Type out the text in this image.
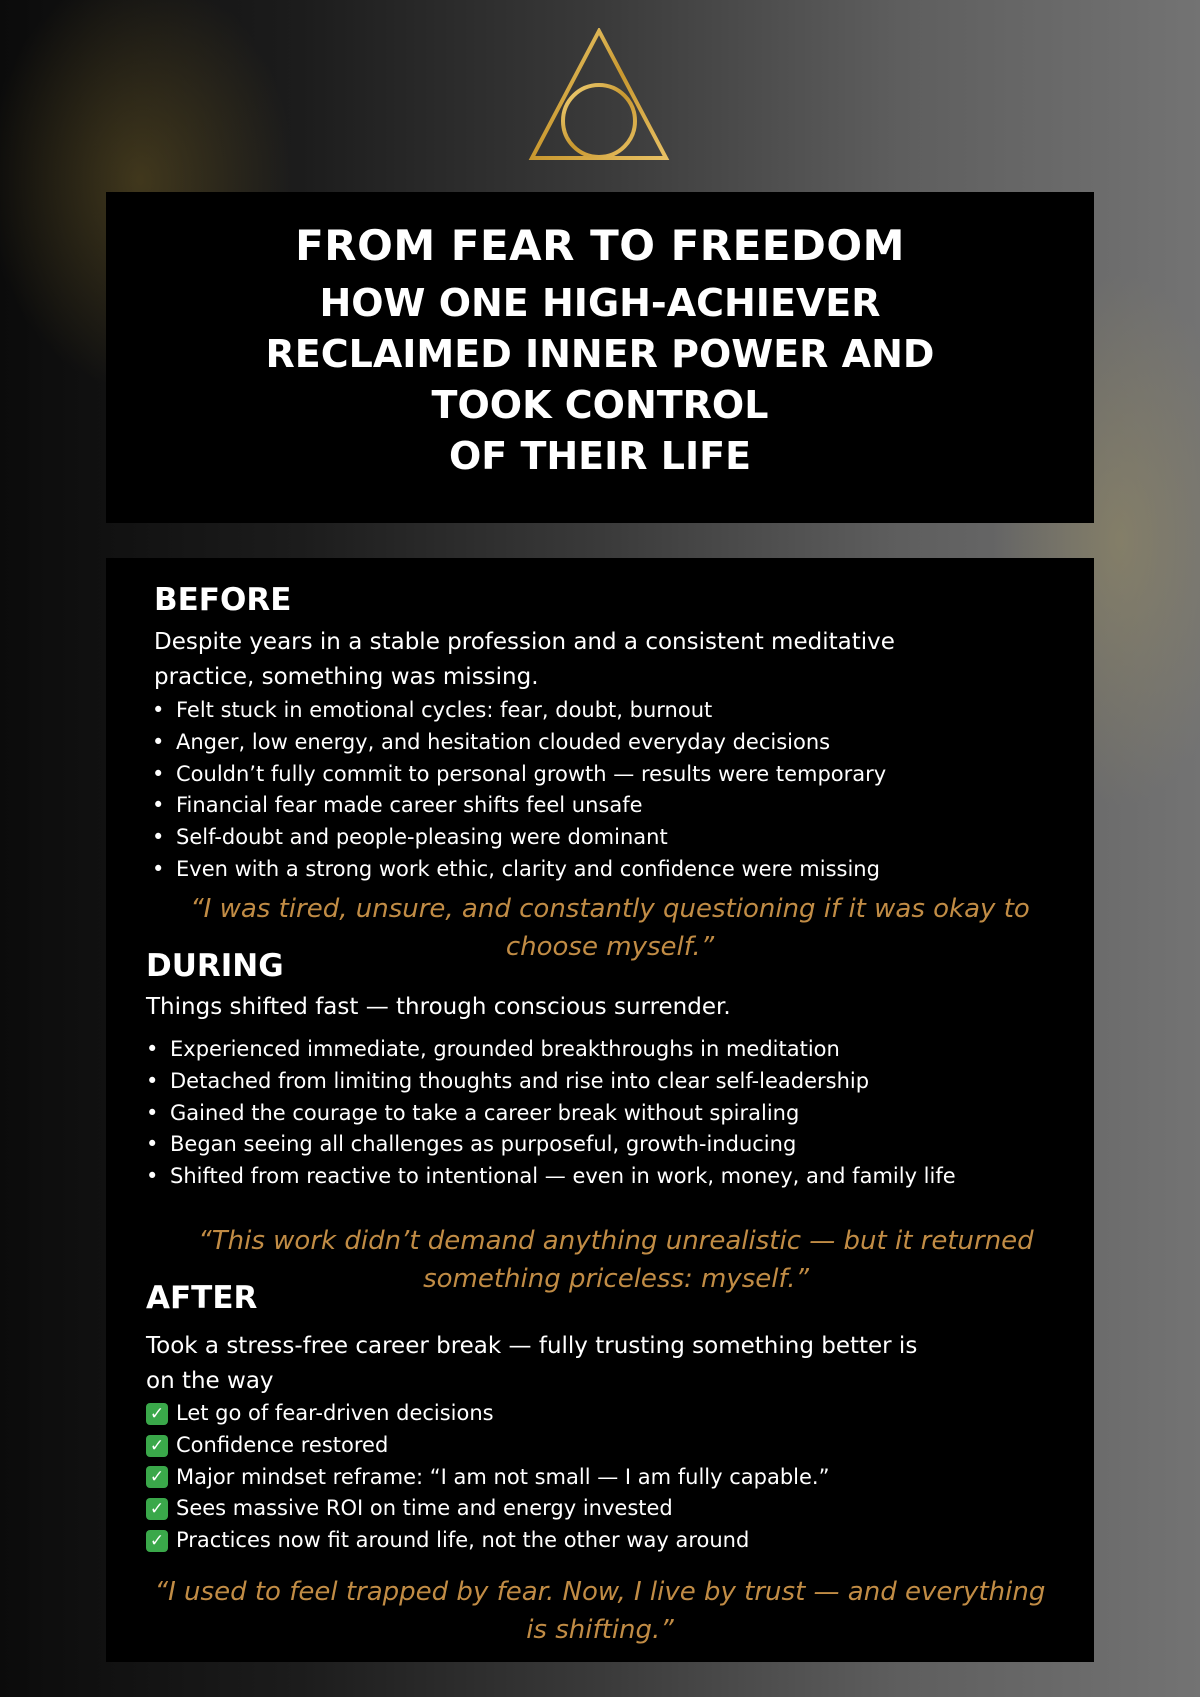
FROM FEAR TO FREEDOM
HOW ONE HIGH-ACHIEVER
RECLAIMED INNER POWER AND
TOOK CONTROL
OF THEIR LIFE
BEFORE
Despite years in a stable profession and a consistent meditative
practice, something was missing.
• Felt stuck in emotional cycles: fear, doubt, burnout
• Anger, low energy, and hesitation clouded everyday decisions
• Couldn’t fully commit to personal growth — results were temporary
• Financial fear made career shifts feel unsafe
• Self-doubt and people-pleasing were dominant
• Even with a strong work ethic, clarity and confidence were missing
“I was tired, unsure, and constantly questioning if it was okay to
choose myself.”
DURING
Things shifted fast — through conscious surrender.
• Experienced immediate, grounded breakthroughs in meditation
• Detached from limiting thoughts and rise into clear self-leadership
• Gained the courage to take a career break without spiraling
• Began seeing all challenges as purposeful, growth-inducing
• Shifted from reactive to intentional — even in work, money, and family life
“This work didn’t demand anything unrealistic — but it returned
something priceless: myself.”
AFTER
Took a stress-free career break — fully trusting something better is
on the way
✓ Let go of fear-driven decisions
✓ Confidence restored
✓ Major mindset reframe: “I am not small — I am fully capable.”
✓ Sees massive ROI on time and energy invested
✓ Practices now fit around life, not the other way around
“I used to feel trapped by fear. Now, I live by trust — and everything
is shifting.”
